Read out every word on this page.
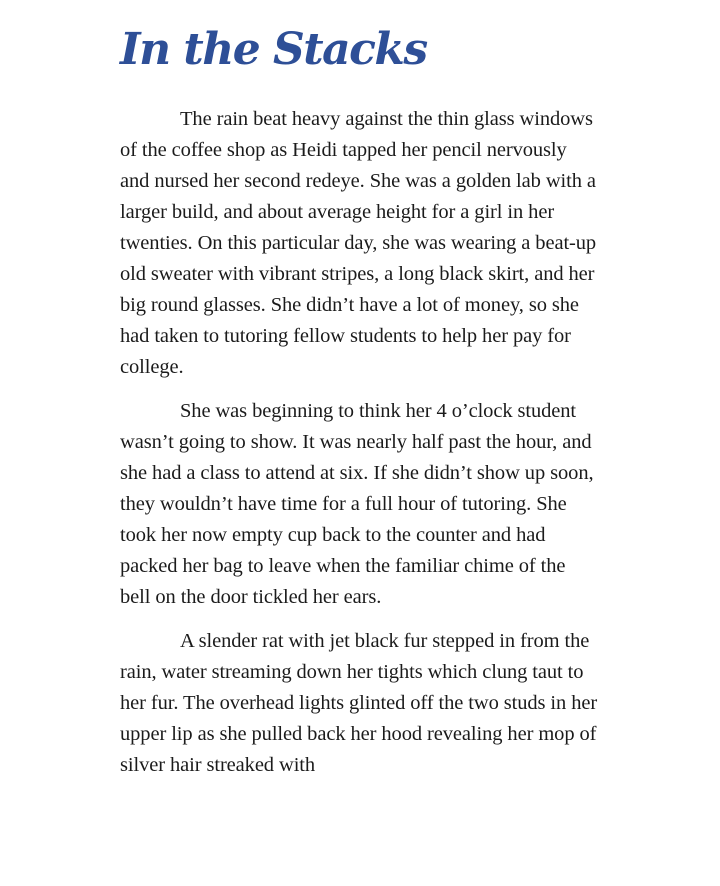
In the Stacks

The rain beat heavy against the thin glass windows of the coffee shop as Heidi tapped her pencil nervously and nursed her second redeye. She was a golden lab with a larger build, and about average height for a girl in her twenties. On this particular day, she was wearing a beat-up old sweater with vibrant stripes, a long black skirt, and her big round glasses. She didn’t have a lot of money, so she had taken to tutoring fellow students to help her pay for college.

She was beginning to think her 4 o’clock student wasn’t going to show. It was nearly half past the hour, and she had a class to attend at six. If she didn’t show up soon, they wouldn’t have time for a full hour of tutoring. She took her now empty cup back to the counter and had packed her bag to leave when the familiar chime of the bell on the door tickled her ears.

A slender rat with jet black fur stepped in from the rain, water streaming down her tights which clung taut to her fur. The overhead lights glinted off the two studs in her upper lip as she pulled back her hood revealing her mop of silver hair streaked with
